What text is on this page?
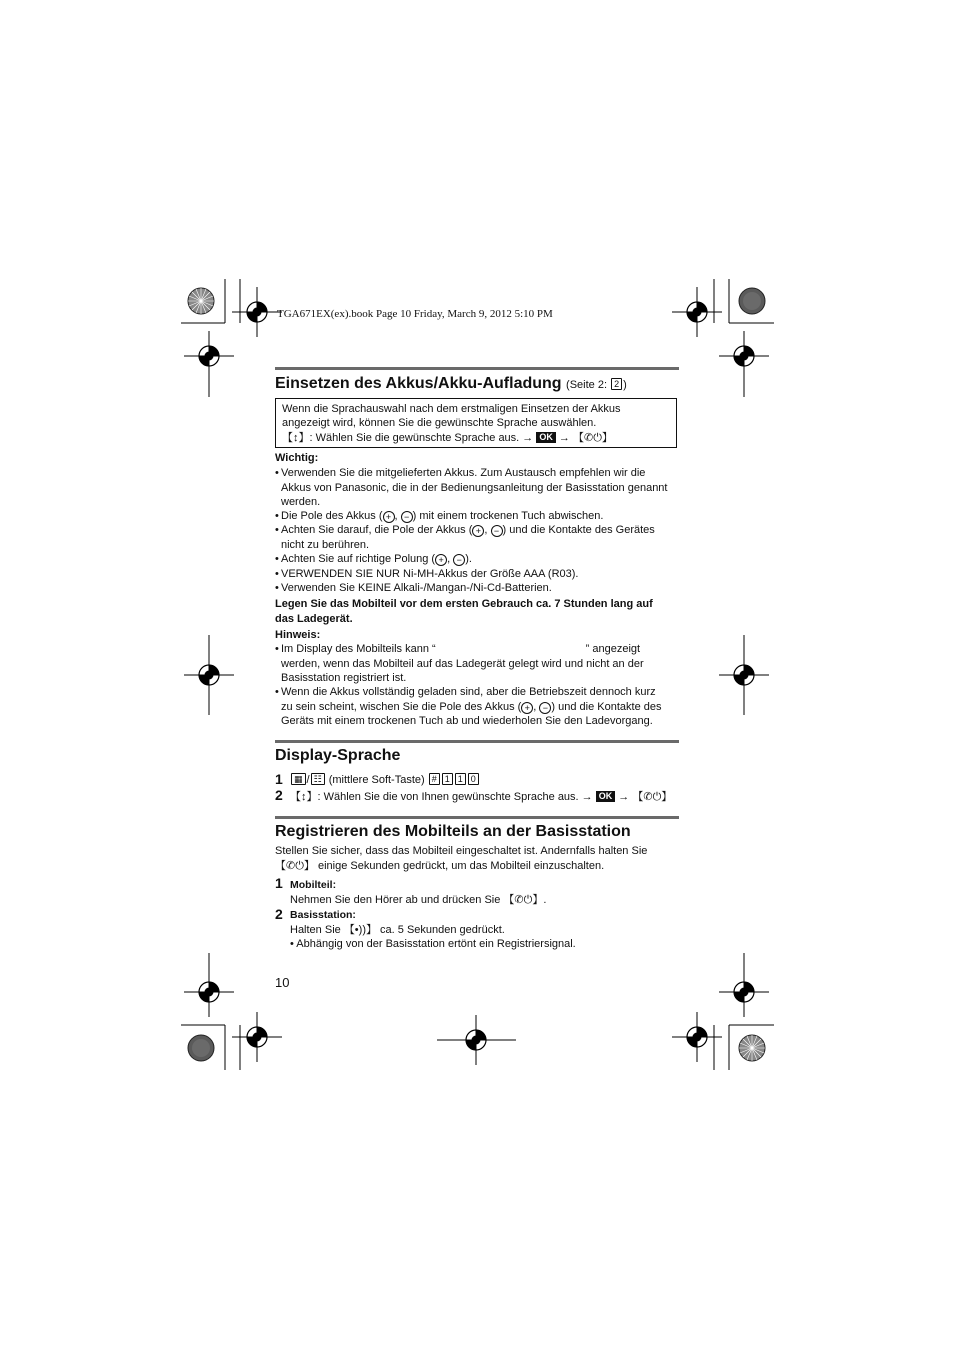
TGA671EX(ex).book Page 10 Friday, March 9, 2012 5:10 PM
Einsetzen des Akkus/Akku-Aufladung (Seite 2: 2 )
Wenn die Sprachauswahl nach dem erstmaligen Einsetzen der Akkus
angezeigt wird, können Sie die gewünschte Sprache auswählen.
【↕】: Wählen Sie die gewünschte Sprache aus. → OK → 【✆⏻】
Wichtig:
• Verwenden Sie die mitgelieferten Akkus. Zum Austausch empfehlen wir die
Akkus von Panasonic, die in der Bedienungsanleitung der Basisstation genannt
werden.
• Die Pole des Akkus ( + , − ) mit einem trockenen Tuch abwischen.
• Achten Sie darauf, die Pole der Akkus ( + , − ) und die Kontakte des Gerätes
nicht zu berühren.
• Achten Sie auf richtige Polung ( + , − ).
• VERWENDEN SIE NUR Ni-MH-Akkus der Größe AAA (R03).
• Verwenden Sie KEINE Alkali-/Mangan-/Ni-Cd-Batterien.
Legen Sie das Mobilteil vor dem ersten Gebrauch ca. 7 Stunden lang auf
das Ladegerät.
Hinweis:
• Im Display des Mobilteils kann “	” angezeigt
werden, wenn das Mobilteil auf das Ladegerät gelegt wird und nicht an der
Basisstation registriert ist.
• Wenn die Akkus vollständig geladen sind, aber die Betriebszeit dennoch kurz
zu sein scheint, wischen Sie die Pole des Akkus ( + , − ) und die Kontakte des
Geräts mit einem trockenen Tuch ab und wiederholen Sie den Ladevorgang.
Display-Sprache
1	▦ / ☷ (mittlere Soft-Taste) # 1 1 0
2 【↕】: Wählen Sie die von Ihnen gewünschte Sprache aus. → OK → 【✆⏻】
Registrieren des Mobilteils an der Basisstation
Stellen Sie sicher, dass das Mobilteil eingeschaltet ist. Andernfalls halten Sie
【✆⏻】 einige Sekunden gedrückt, um das Mobilteil einzuschalten.
1 Mobilteil:
Nehmen Sie den Hörer ab und drücken Sie 【✆⏻】.
2 Basisstation:
Halten Sie 【•))】 ca. 5 Sekunden gedrückt.
• Abhängig von der Basisstation ertönt ein Registriersignal.
10
